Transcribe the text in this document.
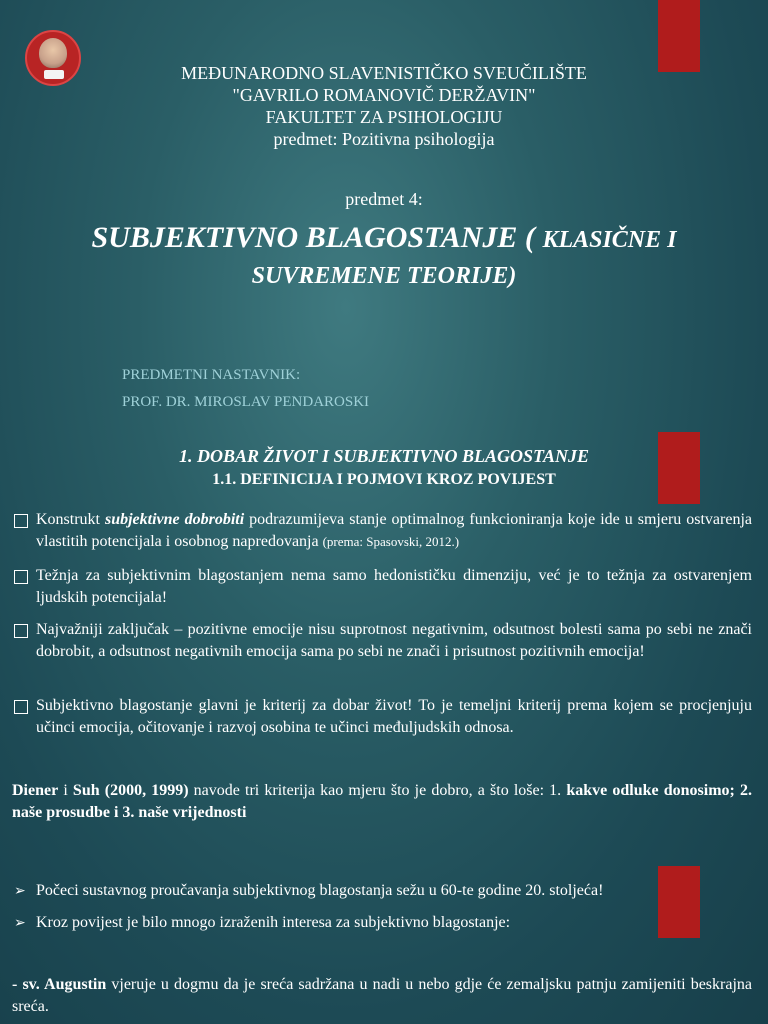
MEĐUNARODNO SLAVENISTIČKO SVEUČILIŠTE
"GAVRILO ROMANOVIČ DERŽAVIN"
FAKULTET ZA PSIHOLOGIJU
predmet: Pozitivna psihologija
predmet 4:
SUBJEKTIVNO BLAGOSTANJE ( KLASIČNE I
SUVREMENE TEORIJE)
PREDMETNI NASTAVNIK:
PROF. DR. MIROSLAV PENDAROSKI
1. DOBAR ŽIVOT I SUBJEKTIVNO BLAGOSTANJE
1.1. DEFINICIJA I POJMOVI KROZ POVIJEST
Konstrukt subjektivne dobrobiti podrazumijeva stanje optimalnog funkcioniranja koje ide u smjeru ostvarenja vlastitih potencijala i osobnog napredovanja (prema: Spasovski, 2012.)
Težnja za subjektivnim blagostanjem nema samo hedonističku dimenziju, već je to težnja za ostvarenjem ljudskih potencijala!
Najvažniji zaključak – pozitivne emocije nisu suprotnost negativnim, odsutnost bolesti sama po sebi ne znači dobrobit, a odsutnost negativnih emocija sama po sebi ne znači i prisutnost pozitivnih emocija!
Subjektivno blagostanje glavni je kriterij za dobar život! To je temeljni kriterij prema kojem se procjenjuju učinci emocija, očitovanje i razvoj osobina te učinci međuljudskih odnosa.
Diener i Suh (2000, 1999) navode tri kriterija kao mjeru što je dobro, a što loše: 1. kakve odluke donosimo; 2. naše prosudbe i 3. naše vrijednosti
➢ Počeci sustavnog proučavanja subjektivnog blagostanja sežu u 60-te godine 20. stoljeća!
➢ Kroz povijest je bilo mnogo izraženih interesa za subjektivno blagostanje:
- sv. Augustin vjeruje u dogmu da je sreća sadržana u nadi u nebo gdje će zemaljsku patnju zamijeniti beskrajna sreća.
